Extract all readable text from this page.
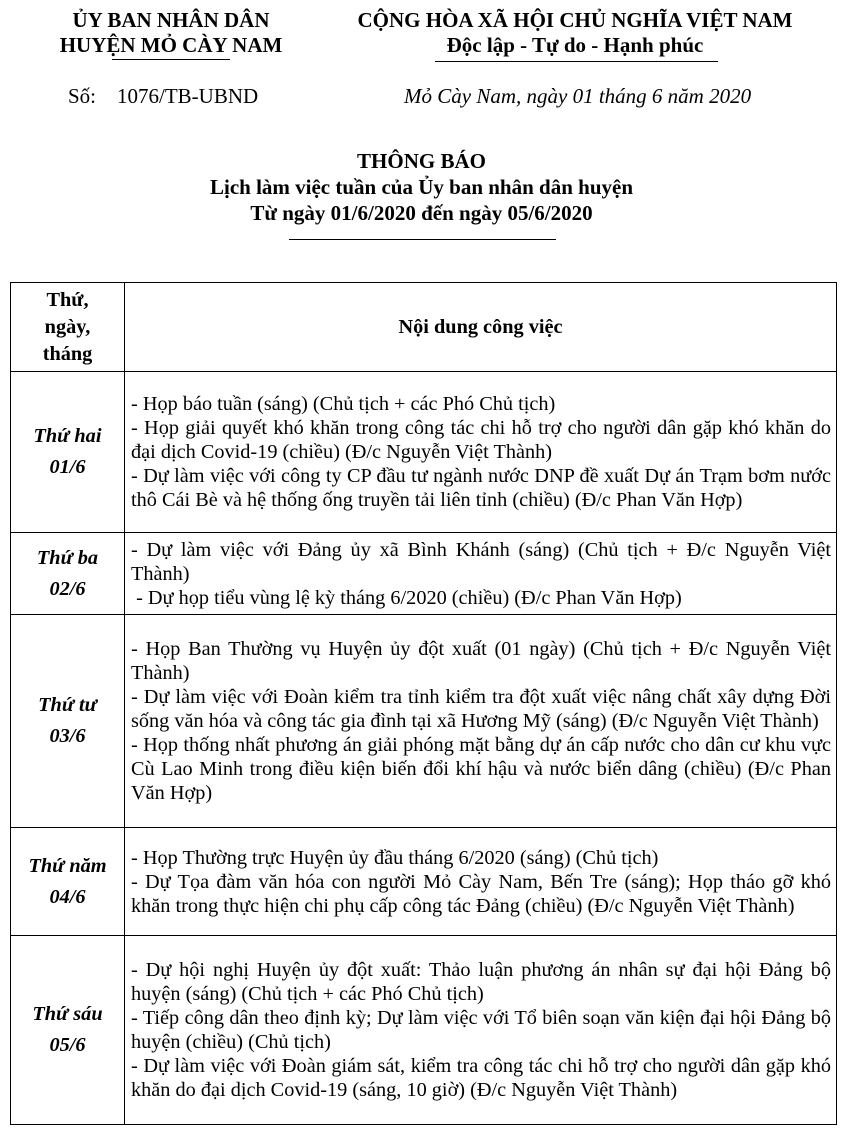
ỦY BAN NHÂN DÂN
HUYỆN MỎ CÀY NAM
Số: 1076/TB-UBND
CỘNG HÒA XÃ HỘI CHỦ NGHĨA VIỆT NAM
Độc lập - Tự do - Hạnh phúc
Mỏ Cày Nam, ngày 01 tháng 6 năm 2020
THÔNG BÁO
Lịch làm việc tuần của Ủy ban nhân dân huyện
Từ ngày 01/6/2020 đến ngày 05/6/2020
Thứ,
ngày,
tháng	Nội dung công việc

Thứ hai
01/6	- Họp báo tuần (sáng) (Chủ tịch + các Phó Chủ tịch)
- Họp giải quyết khó khăn trong công tác chi hỗ trợ cho người dân gặp khó khăn do đại dịch Covid-19 (chiều) (Đ/c Nguyễn Việt Thành)
- Dự làm việc với công ty CP đầu tư ngành nước DNP đề xuất Dự án Trạm bơm nước thô Cái Bè và hệ thống ống truyền tải liên tỉnh (chiều) (Đ/c Phan Văn Hợp)

Thứ ba
02/6	- Dự làm việc với Đảng ủy xã Bình Khánh (sáng) (Chủ tịch + Đ/c Nguyễn Việt Thành)
- Dự họp tiểu vùng lệ kỳ tháng 6/2020 (chiều) (Đ/c Phan Văn Hợp)

Thứ tư
03/6	- Họp Ban Thường vụ Huyện ủy đột xuất (01 ngày) (Chủ tịch + Đ/c Nguyễn Việt Thành)
- Dự làm việc với Đoàn kiểm tra tỉnh kiểm tra đột xuất việc nâng chất xây dựng Đời sống văn hóa và công tác gia đình tại xã Hương Mỹ (sáng) (Đ/c Nguyễn Việt Thành)
- Họp thống nhất phương án giải phóng mặt bằng dự án cấp nước cho dân cư khu vực Cù Lao Minh trong điều kiện biến đổi khí hậu và nước biển dâng (chiều) (Đ/c Phan Văn Hợp)

Thứ năm
04/6	- Họp Thường trực Huyện ủy đầu tháng 6/2020 (sáng) (Chủ tịch)
- Dự Tọa đàm văn hóa con người Mỏ Cày Nam, Bến Tre (sáng); Họp tháo gỡ khó khăn trong thực hiện chi phụ cấp công tác Đảng (chiều) (Đ/c Nguyễn Việt Thành)

Thứ sáu
05/6	- Dự hội nghị Huyện ủy đột xuất: Thảo luận phương án nhân sự đại hội Đảng bộ huyện (sáng) (Chủ tịch + các Phó Chủ tịch)
- Tiếp công dân theo định kỳ; Dự làm việc với Tổ biên soạn văn kiện đại hội Đảng bộ huyện (chiều) (Chủ tịch)
- Dự làm việc với Đoàn giám sát, kiểm tra công tác chi hỗ trợ cho người dân gặp khó khăn do đại dịch Covid-19 (sáng, 10 giờ) (Đ/c Nguyễn Việt Thành)
